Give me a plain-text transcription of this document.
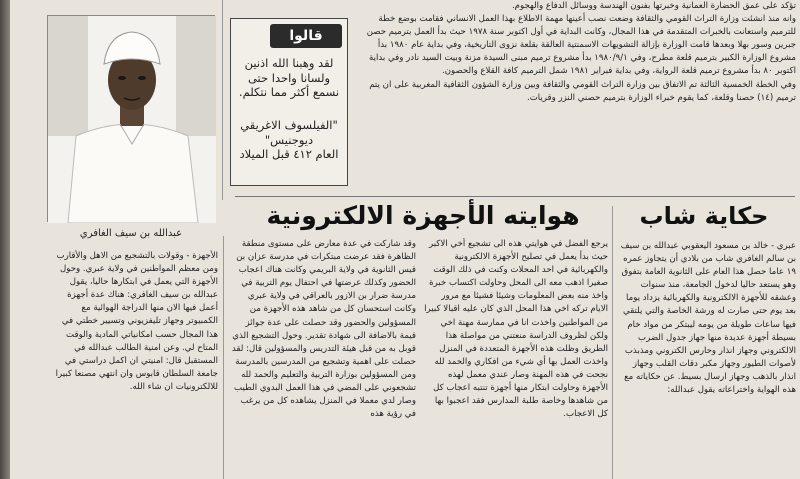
تؤكد على عمق الحضارة العمانية وخبرتها بفنون الهندسة ووسائل الدفاع والهجوم.

وانه منذ انشئت وزارة التراث القومي والثقافة وضعت نصب أعينها مهمة الاطلاع بهذا العمل الانساني فقامت بوضع خطة للترميم واستعانت بالخبرات المتقدمة في هذا المجال، وكانت البداية في أول اكتوبر سنة ١٩٧٨ حيث بدأ العمل بترميم حصن جبرين وسور بهلا وبعدها قامت الوزارة بإزالة التشويهات الاسمنتية العالقة بقلعة نزوى التاريخية، وفي بداية عام ١٩٨٠ بدأ مشروع الوزارة الكبير بترميم قلعة مطرح، وفي ١٩٨٠/٩/١ بدأ مشروع ترميم مبنى السيدة مزنة وبيت السيد نادر وفي بداية اكتوبر ٨٠ بدأ مشروع ترميم قلعة الرواية، وفي بداية فبراير ١٩٨١ شمل الترميم كافة القلاع والحصون.

وفي الخطة الخمسية الثالثة تم الاتفاق بين وزارة التراث القومي والثقافة وبين وزارة الشؤون الثقافية المغربية على ان يتم ترميم (١٤) حصنا وقلعة، كما يقوم خبراء الوزارة بترميم حصني النزر وقريات.

قالوا
لقد وهبنا الله اذنين ولسانا واحدا حتى نسمع أكثر مما نتكلم.
"الفيلسوف الاغريقي ديوجنيس"
العام ٤١٢ قبل الميلاد
عبدالله بن سيف الغافري
هوايته الأجهزة الالكترونية	حكاية شاب
عبري - خالد بن مسعود اليعقوبي عبدالله بن سيف بن سالم الغافري شاب من بلادي أن يتجاوز عمره ١٩ عاما حصل هذا العام على الثانوية العامة بتفوق وهو يستعد حاليا لدخول الجامعة، منذ سنوات وعشقه للأجهزة الالكترونية والكهربائية يزداد يوما بعد يوم حتى صارت له ورشة الخاصة والتي يلتقي فيها ساعات طويلة من يومه ليبتكر من مواد خام بسيطة أجهزة عديدة منها جهاز جدول الضرب الالكتروني وجهاز انذار وحارس الكتروني ومذبذب لأصوات الطيور وجهاز مكبر دقات القلب وجهاز انذار بالذهب وجهاز ارسال بسيط. عن حكاياته مع هذه الهواية واختراعاته يقول عبدالله:
يرجع الفضل في هوايتي هذه الى تشجيع أخي الاكبر حيث بدأ يعمل في تصليح الأجهزة الالكترونية والكهربائية في احد المحلات وكنت في ذلك الوقت صغيرا اذهب معه الى المحل وحاولت اكتساب خبرة واخذ منه بعض المعلومات وشيئا فشيئا مع مرور الايام تركه اخي هذا المحل الذي كان عليه اقبالا كبيرا من المواطنين واخذت انا في ممارسة مهنة اخي ولكن لظروف الدراسة منعتني من مواصلة هذا الطريق وظلت هذه الأجهزة المتعددة في المنزل واخذت العمل بها أي شيء من افكاري والحمد لله نجحت في هذه المهنة وصار عندي معمل لهذه الأجهزة وحاولت ابتكار منها أجهزة تنتبه اعجاب كل من شاهدها وخاصة طلبة المدارس فقد اعجبوا بها كل الاعجاب.
وقد شاركت في عدة معارض على مستوى منطقة الظاهرة فقد عرضت مبتكرات في مدرسة عزان بن قيس الثانوية في ولاية البريمي وكانت هناك اعجاب الحضور وكذلك عرضتها في احتفال يوم التربية في مدرسة ضرار بن الازور بالعراقي في ولاية عبري وكانت استحسان كل من شاهد هذه الأجهزة من المسؤولين والحضور وقد حصلت على عدة جوائز قيمة بالاضافة الى شهادة تقدير. وحول التشجيع الذي قوبل به من قبل هيئة التدريس والمسؤولين قال: لقد حصلت على اهمية وتشجيع من المدرسين بالمدرسة ومن المسؤولين بوزارة التربية والتعليم والحمد لله تشجعوني على المضي في هذا العمل البدوي الطيب وصار لدي معملا في المنزل يشاهده كل من يرغب في رؤية هذه
الأجهزة - وقولات بالتشجيع من الاهل والأقارب ومن معظم المواطنين في ولاية عبري. وحول الأجهزة التي يعمل في ابتكارها حاليا، يقول عبدالله بن سيف الغافري: هناك عدة أجهزة أعمل فيها الان منها الدراجة الهوائية مع الكمبيوتر وجهاز تليفزيوني وتسيير خطتي في هذا المجال حسب امكانياتي المادية والوقت المتاح لي. وعن امنية الطالب عبدالله في المستقبل قال: امنيتي ان اكمل دراستي في جامعة السلطان قابوس وان انتهي مصنعا كبيرا للالكترونيات ان شاء الله.
